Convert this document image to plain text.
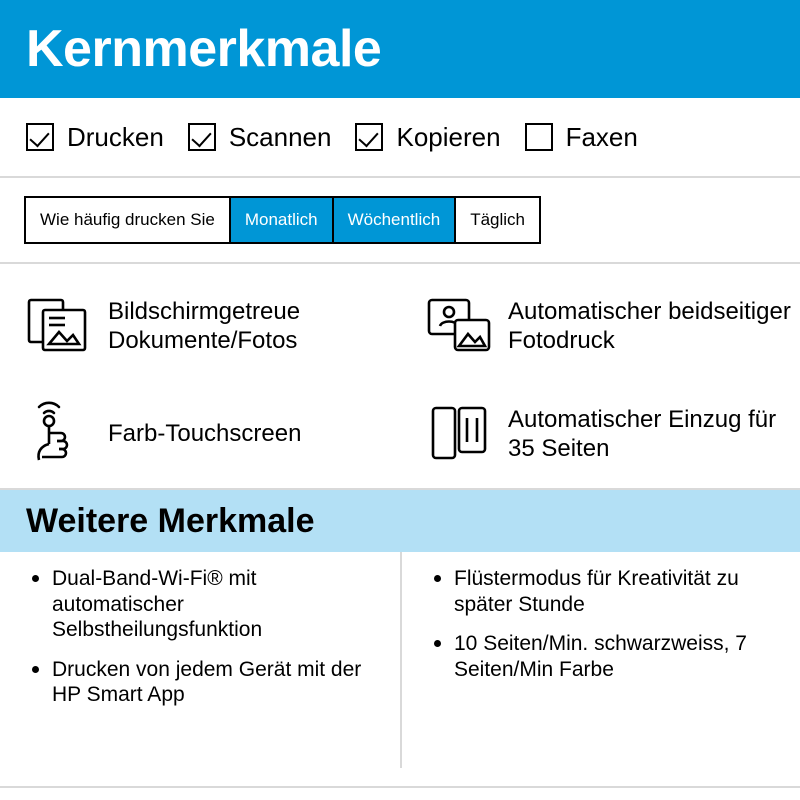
Kernmerkmale
Drucken	Scannen	Kopieren	Faxen
Wie häufig drucken Sie	Monatlich	Wöchentlich	Täglich
Bildschirmgetreue Dokumente/Fotos
Automatischer beidseitiger Fotodruck
Farb-Touchscreen
Automatischer Einzug für 35 Seiten
Weitere Merkmale
Dual-Band-Wi-Fi® mit automatischer Selbstheilungsfunktion
Drucken von jedem Gerät mit der HP Smart App
Flüstermodus für Kreativität zu später Stunde
10 Seiten/Min. schwarzweiss, 7 Seiten/Min Farbe
